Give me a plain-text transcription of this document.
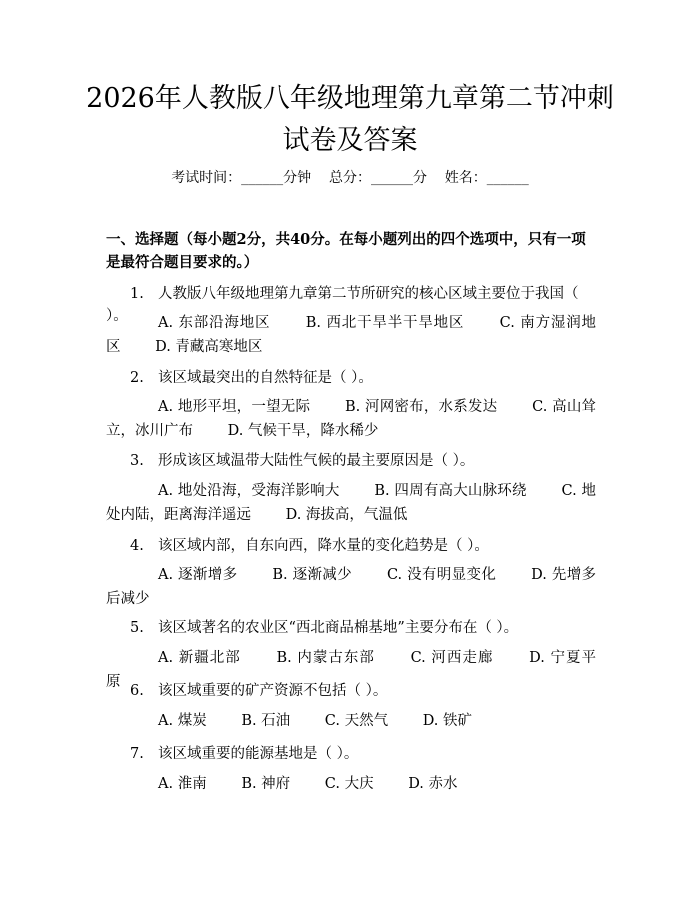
2026年人教版八年级地理第九章第二节冲刺试卷及答案
考试时间：______分钟    总分：______分    姓名：______
一、选择题（每小题2分，共40分。在每小题列出的四个选项中，只有一项是最符合题目要求的。）
1. 人教版八年级地理第九章第二节所研究的核心区域主要位于我国（ ）。	A. 东部沿海地区 B. 西北干旱半干旱地区 C. 南方湿润地区 D. 青藏高寒地区
2. 该区域最突出的自然特征是（ ）。
A. 地形平坦，一望无际 B. 河网密布，水系发达 C. 高山耸立，冰川广布 D. 气候干旱，降水稀少
3. 形成该区域温带大陆性气候的最主要原因是（ ）。
A. 地处沿海，受海洋影响大 B. 四周有高大山脉环绕 C. 地处内陆，距离海洋遥远 D. 海拔高，气温低
4. 该区域内部，自东向西，降水量的变化趋势是（ ）。
A. 逐渐增多 B. 逐渐减少 C. 没有明显变化 D. 先增多后减少
5. 该区域著名的农业区“西北商品棉基地”主要分布在（ ）。
A. 新疆北部 B. 内蒙古东部 C. 河西走廊 D. 宁夏平原
6. 该区域重要的矿产资源不包括（ ）。
A. 煤炭 B. 石油 C. 天然气 D. 铁矿
7. 该区域重要的能源基地是（ ）。
A. 淮南 B. 神府 C. 大庆 D. 赤水
